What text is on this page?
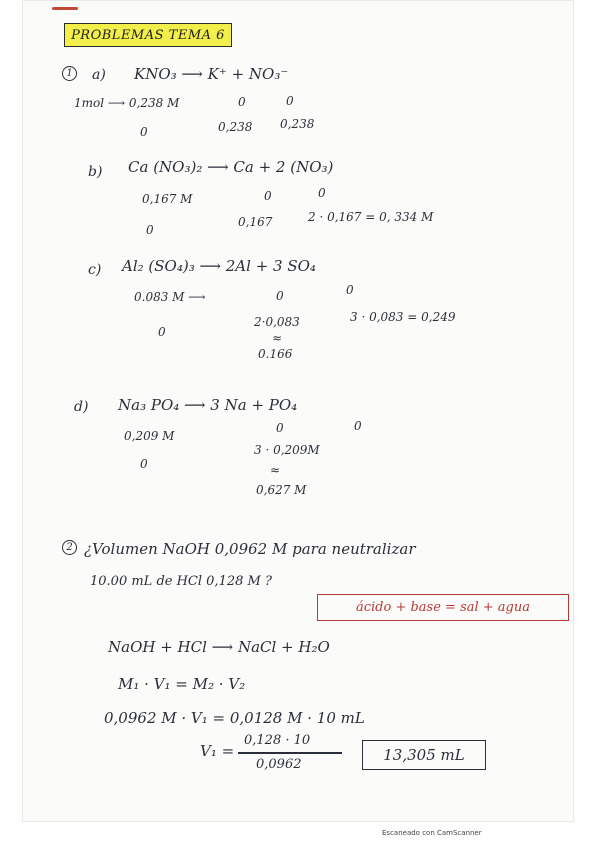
PROBLEMAS TEMA 6
1	a) KNO₃ ⟶ K⁺ + NO₃⁻
1mol ⟶ 0,238 M	0	0
0	0,238 0,238
b) Ca (NO₃)₂ ⟶ Ca + 2 (NO₃)
0,167 M	0	0
0
0,167	2 · 0,167 = 0, 334 M
c) Al₂ (SO₄)₃ ⟶ 2Al + 3 SO₄
0.083 M ⟶	0	0
0
2·0,083	3 · 0,083 = 0,249
≈
0.166
d) Na₃ PO₄ ⟶ 3 Na + PO₄
0,209 M
0	0
0
3 · 0,209M
≈
0,627 M
2 ¿Volumen NaOH 0,0962 M para neutralizar
10.00 mL de HCl 0,128 M ?
ácido + base = sal + agua
NaOH + HCl ⟶ NaCl + H₂O
M₁ · V₁ = M₂ · V₂
0,0962 M · V₁ = 0,0128 M · 10 mL
V₁ =
0,128 · 10
0,0962
13,305 mL
Escaneado con CamScanner
